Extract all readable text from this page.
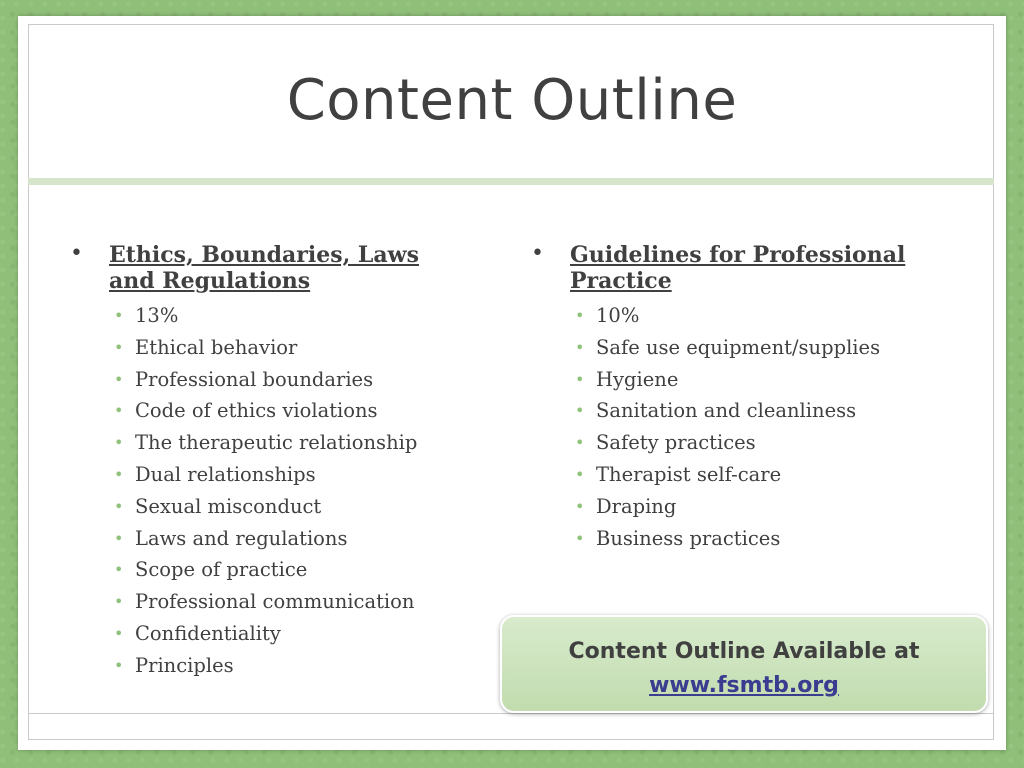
Content Outline
• Ethics, Boundaries, Laws and Regulations
• 13%
• Ethical behavior
• Professional boundaries
• Code of ethics violations
• The therapeutic relationship
• Dual relationships
• Sexual misconduct
• Laws and regulations
• Scope of practice
• Professional communication
• Confidentiality
• Principles
• Guidelines for Professional Practice
• 10%
• Safe use equipment/supplies
• Hygiene
• Sanitation and cleanliness
• Safety practices
• Therapist self-care
• Draping
• Business practices
Content Outline Available at
www.fsmtb.org
